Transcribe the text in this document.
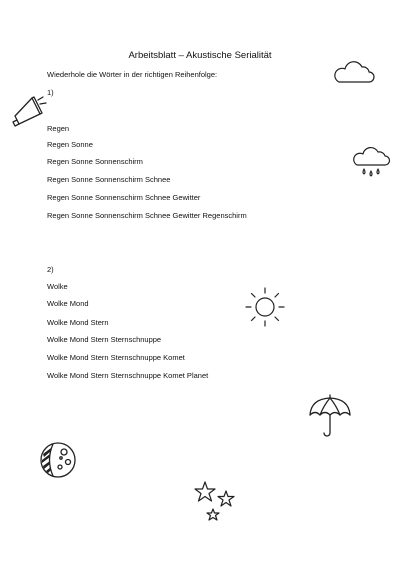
Arbeitsblatt – Akustische Serialität
Wiederhole die Wörter in der richtigen Reihenfolge:
1)
Regen
Regen Sonne
Regen Sonne Sonnenschirm
Regen Sonne Sonnenschirm Schnee
Regen Sonne Sonnenschirm Schnee Gewitter
Regen Sonne Sonnenschirm Schnee Gewitter Regenschirm
2)
Wolke
Wolke Mond
Wolke Mond Stern
Wolke Mond Stern Sternschnuppe
Wolke Mond Stern Sternschnuppe Komet
Wolke Mond Stern Sternschnuppe Komet Planet
